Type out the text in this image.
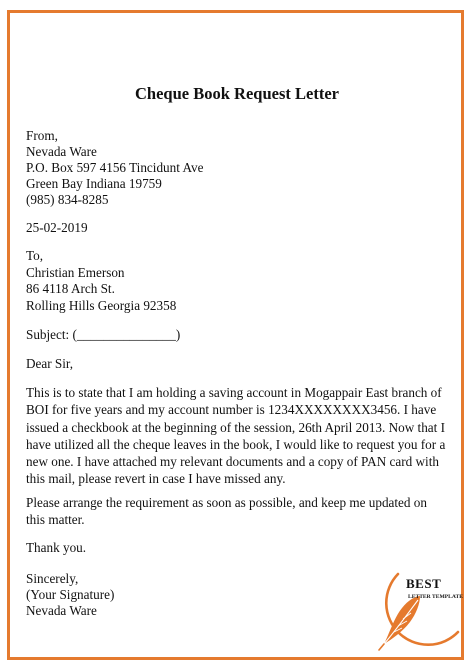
Cheque Book Request Letter
From,
Nevada Ware
P.O. Box 597 4156 Tincidunt Ave
Green Bay Indiana 19759
(985) 834-8285
25-02-2019
To,
Christian Emerson
86 4118 Arch St.
Rolling Hills Georgia 92358
Subject: (_______________)
Dear Sir,
This is to state that I am holding a saving account in Mogappair East branch of BOI for five years and my account number is 1234XXXXXXXX3456. I have issued a checkbook at the beginning of the session, 26th April 2013. Now that I have utilized all the cheque leaves in the book, I would like to request you for a new one. I have attached my relevant documents and a copy of PAN card with this mail, please revert in case I have missed any.
Please arrange the requirement as soon as possible, and keep me updated on this matter.
Thank you.
Sincerely,
(Your Signature)
Nevada Ware
BEST
LETTER TEMPLATE
